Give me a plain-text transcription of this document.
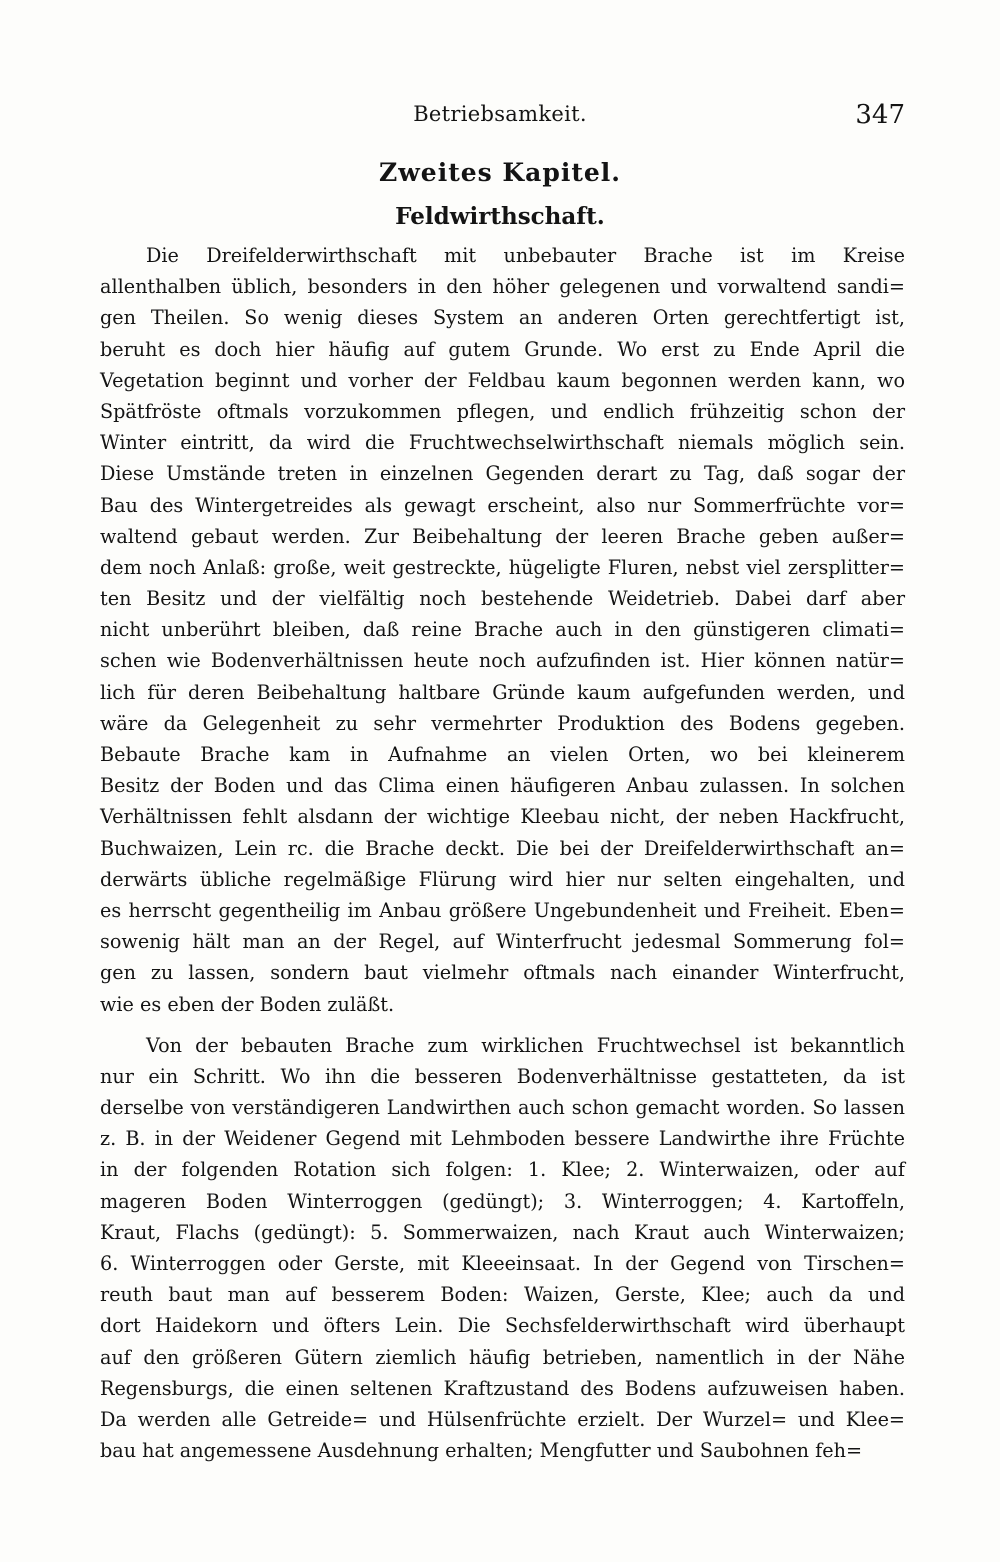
Betriebsamkeit.	347
Zweites Kapitel.
Feldwirthschaft.
Die Dreifelderwirthschaft mit unbebauter Brache ist im Kreise
allenthalben üblich, besonders in den höher gelegenen und vorwaltend sandi=
gen Theilen. So wenig dieses System an anderen Orten gerechtfertigt ist,
beruht es doch hier häufig auf gutem Grunde. Wo erst zu Ende April die
Vegetation beginnt und vorher der Feldbau kaum begonnen werden kann, wo
Spätfröste oftmals vorzukommen pflegen, und endlich frühzeitig schon der
Winter eintritt, da wird die Fruchtwechselwirthschaft niemals möglich sein.
Diese Umstände treten in einzelnen Gegenden derart zu Tag, daß sogar der
Bau des Wintergetreides als gewagt erscheint, also nur Sommerfrüchte vor=
waltend gebaut werden. Zur Beibehaltung der leeren Brache geben außer=
dem noch Anlaß: große, weit gestreckte, hügeligte Fluren, nebst viel zersplitter=
ten Besitz und der vielfältig noch bestehende Weidetrieb. Dabei darf aber
nicht unberührt bleiben, daß reine Brache auch in den günstigeren climati=
schen wie Bodenverhältnissen heute noch aufzufinden ist. Hier können natür=
lich für deren Beibehaltung haltbare Gründe kaum aufgefunden werden, und
wäre da Gelegenheit zu sehr vermehrter Produktion des Bodens gegeben.
Bebaute Brache kam in Aufnahme an vielen Orten, wo bei kleinerem
Besitz der Boden und das Clima einen häufigeren Anbau zulassen. In solchen
Verhältnissen fehlt alsdann der wichtige Kleebau nicht, der neben Hackfrucht,
Buchwaizen, Lein rc. die Brache deckt. Die bei der Dreifelderwirthschaft an=
derwärts übliche regelmäßige Flürung wird hier nur selten eingehalten, und
es herrscht gegentheilig im Anbau größere Ungebundenheit und Freiheit. Eben=
sowenig hält man an der Regel, auf Winterfrucht jedesmal Sommerung fol=
gen zu lassen, sondern baut vielmehr oftmals nach einander Winterfrucht,
wie es eben der Boden zuläßt.
Von der bebauten Brache zum wirklichen Fruchtwechsel ist bekanntlich
nur ein Schritt. Wo ihn die besseren Bodenverhältnisse gestatteten, da ist
derselbe von verständigeren Landwirthen auch schon gemacht worden. So lassen
z. B. in der Weidener Gegend mit Lehmboden bessere Landwirthe ihre Früchte
in der folgenden Rotation sich folgen: 1. Klee; 2. Winterwaizen, oder auf
mageren Boden Winterroggen (gedüngt); 3. Winterroggen; 4. Kartoffeln,
Kraut, Flachs (gedüngt): 5. Sommerwaizen, nach Kraut auch Winterwaizen;
6. Winterroggen oder Gerste, mit Kleeeinsaat. In der Gegend von Tirschen=
reuth baut man auf besserem Boden: Waizen, Gerste, Klee; auch da und
dort Haidekorn und öfters Lein. Die Sechsfelderwirthschaft wird überhaupt
auf den größeren Gütern ziemlich häufig betrieben, namentlich in der Nähe
Regensburgs, die einen seltenen Kraftzustand des Bodens aufzuweisen haben.
Da werden alle Getreide= und Hülsenfrüchte erzielt. Der Wurzel= und Klee=
bau hat angemessene Ausdehnung erhalten; Mengfutter und Saubohnen feh=
